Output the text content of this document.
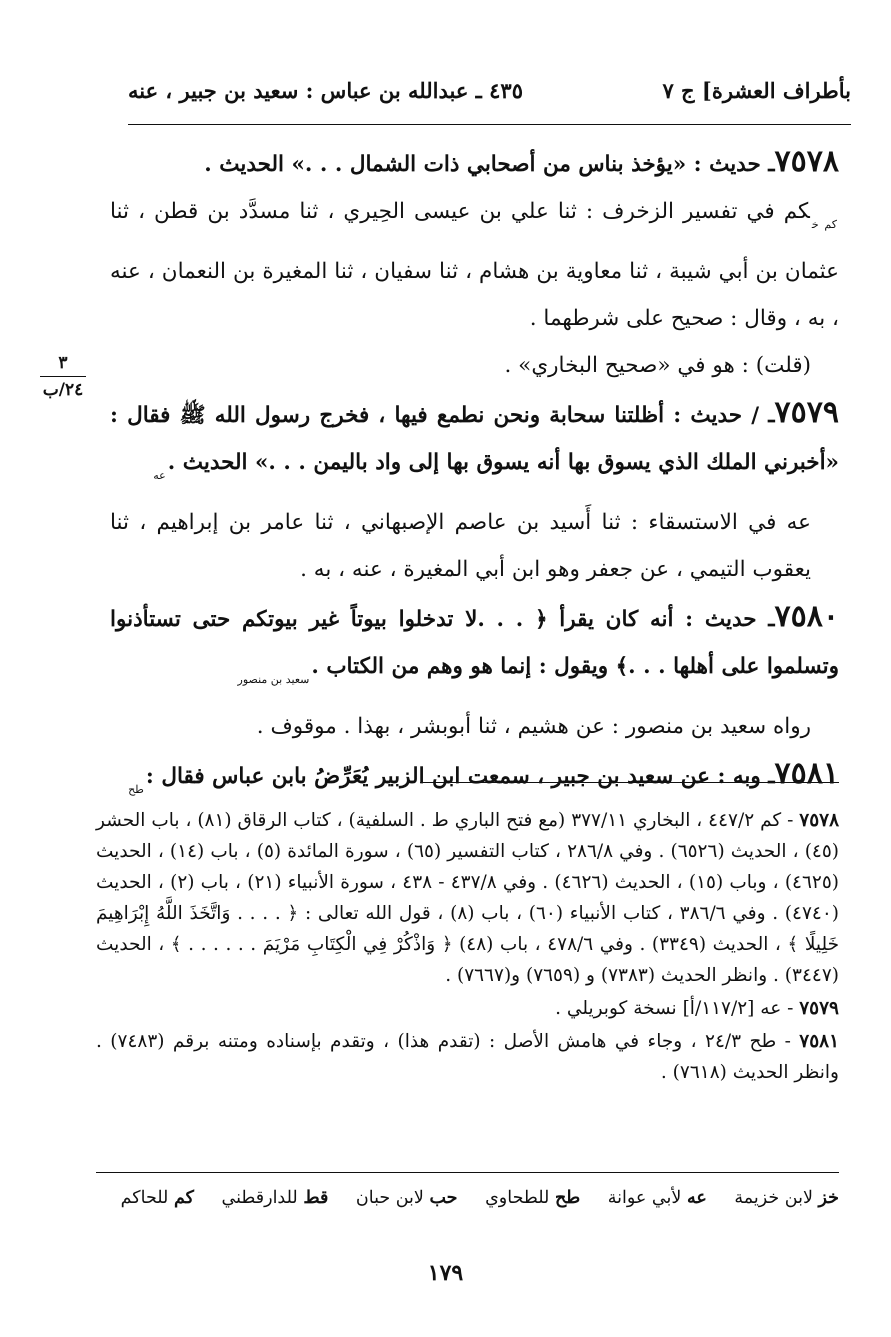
بأطراف العشرة] ج ٧
٤٣٥ ـ عبدالله بن عباس : سعيد بن جبير ، عنه
٣
٢٤/ب

٧٥٧٨ـ حديث : «يؤخذ بناس من أصحابي ذات الشمال . . .» الحديث .

$_{كم خ}$كم في تفسير الزخرف : ثنا علي بن عيسى الحِيري ، ثنا مسدَّد بن قطن ، ثنا عثمان بن أبي شيبة ، ثنا معاوية بن هشام ، ثنا سفيان ، ثنا المغيرة بن النعمان ، عنه ، به ، وقال : صحيح على شرطهما .

(قلت) : هو في «صحيح البخاري» .

٧٥٧٩ـ / حديث : أظلتنا سحابة ونحن نطمع فيها ، فخرج رسول الله ﷺ فقال : «أخبرني الملك الذي يسوق بها أنه يسوق بها إلى واد باليمن . . .» الحديث $._{عه}$

عه في الاستسقاء : ثنا أَسيد بن عاصم الإصبهاني ، ثنا عامر بن إبراهيم ، ثنا يعقوب التيمي ، عن جعفر وهو ابن أبي المغيرة ، عنه ، به .

٧٥٨٠ـ حديث : أنه كان يقرأ ﴿ . . .لا تدخلوا بيوتاً غير بيوتكم حتى تستأذنوا وتسلموا على أهلها . . .﴾ ويقول : إنما هو وهم من الكتاب $._{سعيد بن منصور}$

رواه سعيد بن منصور : عن هشيم ، ثنا أبوبشر ، بهذا . موقوف .

٧٥٨١ـ وبه : عن سعيد بن جبير ، سمعت ابن الزبير يُعَرِّضُ بابن عباس فقال $:_{طح}$

٧٥٧٨ - كم ٤٤٧/٢ ، البخاري ٣٧٧/١١ (مع فتح الباري ط . السلفية) ، كتاب الرقاق (٨١) ، باب الحشر (٤٥) ، الحديث (٦٥٢٦) . وفي ٢٨٦/٨ ، كتاب التفسير (٦٥) ، سورة المائدة (٥) ، باب (١٤) ، الحديث (٤٦٢٥) ، وباب (١٥) ، الحديث (٤٦٢٦) . وفي ٤٣٧/٨ - ٤٣٨ ، سورة الأنبياء (٢١) ، باب (٢) ، الحديث (٤٧٤٠) . وفي ٣٨٦/٦ ، كتاب الأنبياء (٦٠) ، باب (٨) ، قول الله تعالى : ﴿ . . . . وَاتَّخَذَ اللَّهُ إِبْرَاهِيمَ خَلِيلًا ﴾ ، الحديث (٣٣٤٩) . وفي ٤٧٨/٦ ، باب (٤٨) ﴿ وَاذْكُرْ فِي الْكِتَابِ مَرْيَمَ . . . . . . ﴾ ، الحديث (٣٤٤٧) . وانظر الحديث (٧٣٨٣) و (٧٦٥٩) و(٧٦٦٧) .

٧٥٧٩ - عه [١١٧/٢/أ] نسخة كوبريلي .

٧٥٨١ - طح ٢٤/٣ ، وجاء في هامش الأصل : (تقدم هذا) ، وتقدم بإسناده ومتنه برقم (٧٤٨٣) . وانظر الحديث (٧٦١٨) .

خز لابن خزيمة عه لأبي عوانة طح للطحاوي حب لابن حبان قط للدارقطني كم للحاكم
١٧٩
